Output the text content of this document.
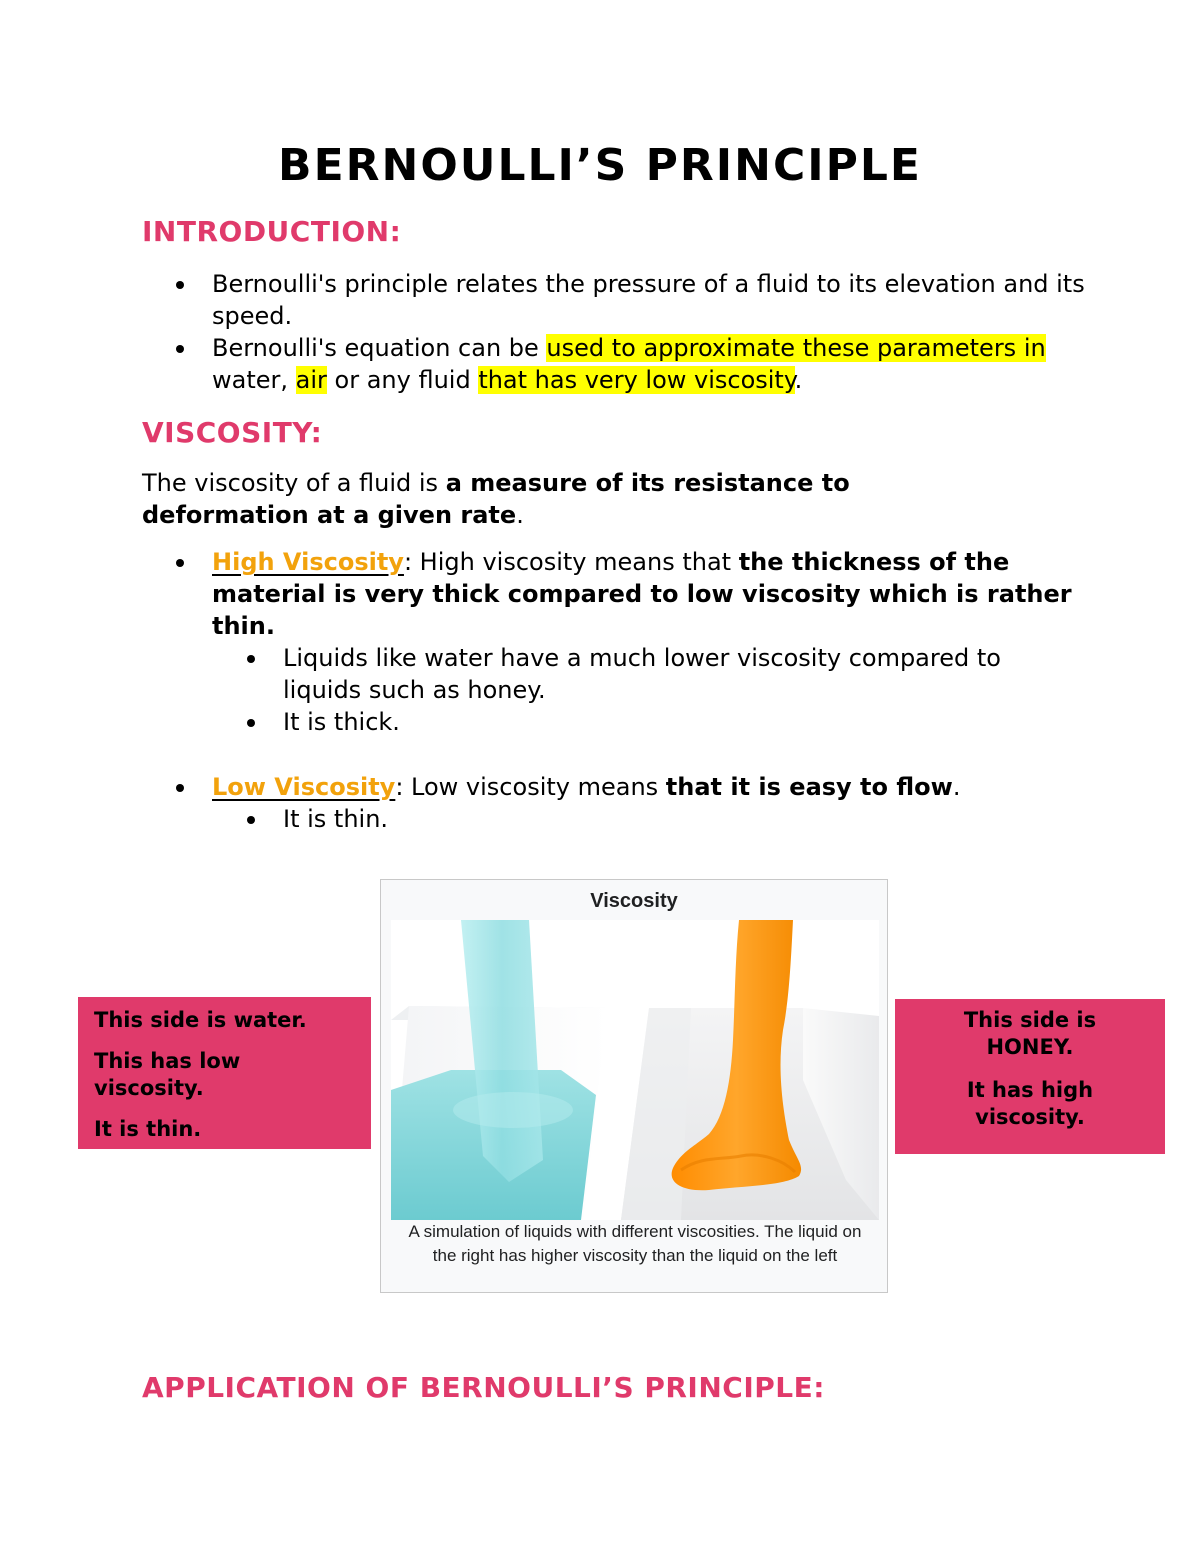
BERNOULLI’S PRINCIPLE
INTRODUCTION:
Bernoulli's principle relates the pressure of a fluid to its elevation and its speed.
Bernoulli's equation can be used to approximate these parameters in water, air or any fluid that has very low viscosity.
VISCOSITY:

The viscosity of a fluid is a measure of its resistance to deformation at a given rate.

High Viscosity: High viscosity means that the thickness of the material is very thick compared to low viscosity which is rather thin.
Liquids like water have a much lower viscosity compared to liquids such as honey.
It is thick.
Low Viscosity: Low viscosity means that it is easy to flow.
It is thin.
Viscosity
A simulation of liquids with different viscosities. The liquid on the right has higher viscosity than the liquid on the left

This side is water.

This has low viscosity.

It is thin.

This side is HONEY.

It has high viscosity.

APPLICATION OF BERNOULLI’S PRINCIPLE:
